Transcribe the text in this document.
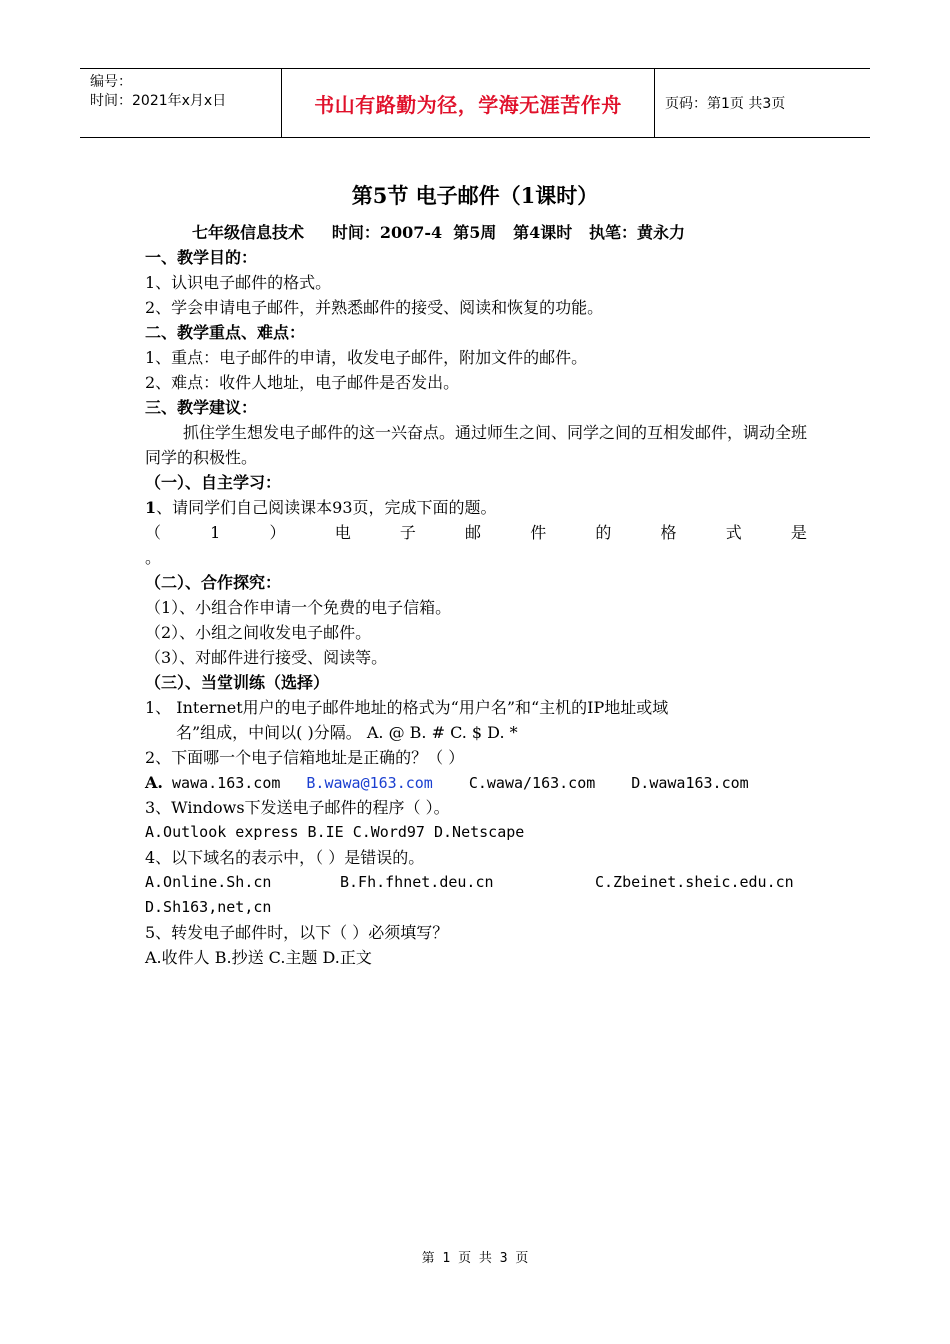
编号：
时间：2021年x月x日	书山有路勤为径，学海无涯苦作舟	页码：第1页 共3页
第5节 电子邮件（1课时）
七年级信息技术     时间：2007-4  第5周   第4课时   执笔：黄永力
一、教学目的：
1、认识电子邮件的格式。
2、学会申请电子邮件，并熟悉邮件的接受、阅读和恢复的功能。
二、教学重点、难点：
1、重点：电子邮件的申请，收发电子邮件，附加文件的邮件。
2、难点：收件人地址，电子邮件是否发出。
三、教学建议：
抓住学生想发电子邮件的这一兴奋点。通过师生之间、同学之间的互相发邮件，调动全班同学的积极性。
（一）、自主学习：
1、请同学们自己阅读课本93页，完成下面的题。
（	1	）	电	子	邮	件	的	格	式	是
。
（二）、合作探究：
（1）、小组合作申请一个免费的电子信箱。
（2）、小组之间收发电子邮件。
（3）、对邮件进行接受、阅读等。
（三）、当堂训练（选择）
1、 Internet用户的电子邮件地址的格式为“用户名”和“主机的IP地址或域
名”组成，中间以( )分隔。 A. @ B. # C. $ D. *
2、下面哪一个电子信箱地址是正确的？（ ）
A. wawa.163.com B.wawa@163.com C.wawa/163.com D.wawa163.com
3、Windows下发送电子邮件的程序（ ）。
A.Outlook express B.IE C.Word97 D.Netscape
4、以下域名的表示中，（ ）是错误的。
A.Online.Sh.cn	B.Fh.fhnet.deu.cn	C.Zbeinet.sheic.edu.cn
D.Sh163,net,cn
5、转发电子邮件时，以下（ ）必须填写？
A.收件人 B.抄送 C.主题 D.正文
第 1 页 共 3 页
